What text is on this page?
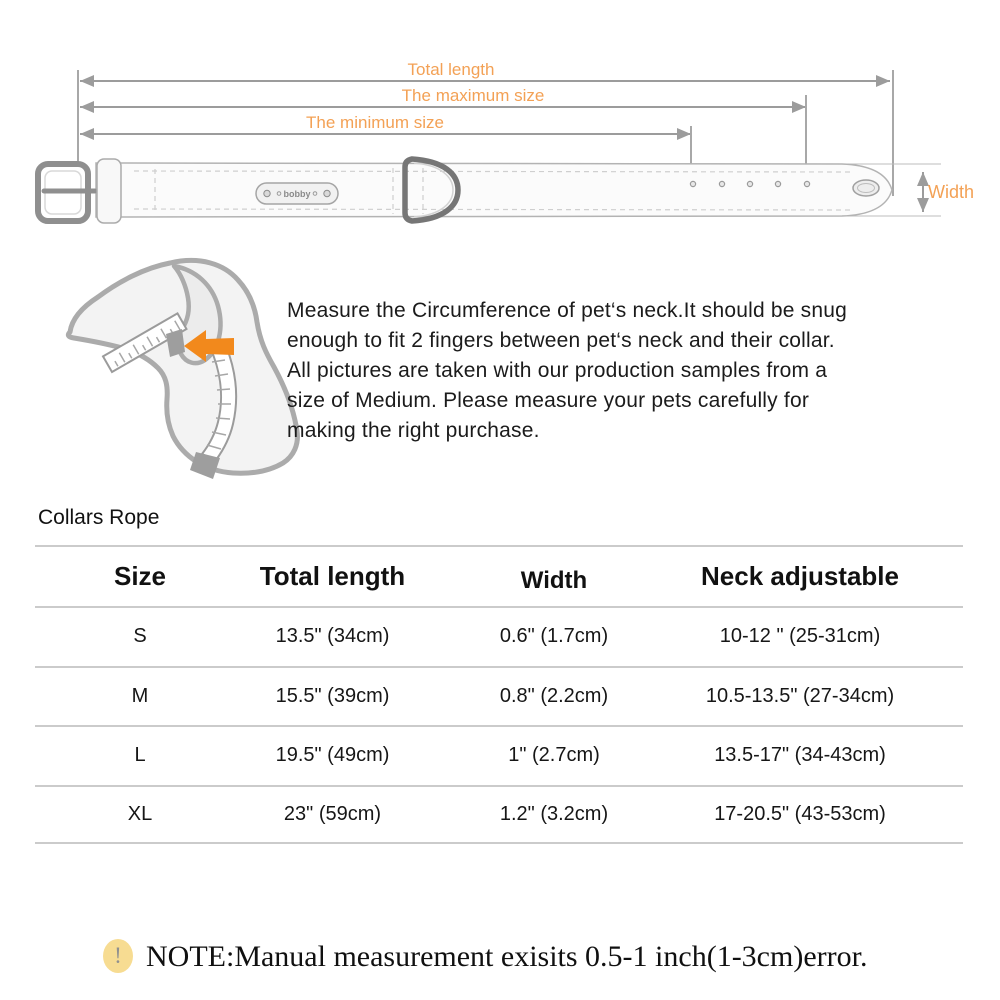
Total length
The maximum size
The minimum size
Width
bobby
Measure the Circumference of pet‘s neck.It should be snug
enough to fit 2 fingers between pet‘s neck and their collar.
All pictures are taken with our production samples from a
size of Medium. Please measure your pets carefully for
making the right purchase.
Collars Rope
Size	Total length	Width	Neck adjustable
S	13.5" (34cm)	0.6" (1.7cm)	10-12 " (25-31cm)
M	15.5" (39cm)	0.8" (2.2cm)	10.5-13.5" (27-34cm)
L	19.5" (49cm)	1" (2.7cm)	13.5-17" (34-43cm)
XL	23" (59cm)	1.2" (3.2cm)	17-20.5" (43-53cm)
! NOTE:Manual measurement exisits 0.5-1 inch(1-3cm)error.
